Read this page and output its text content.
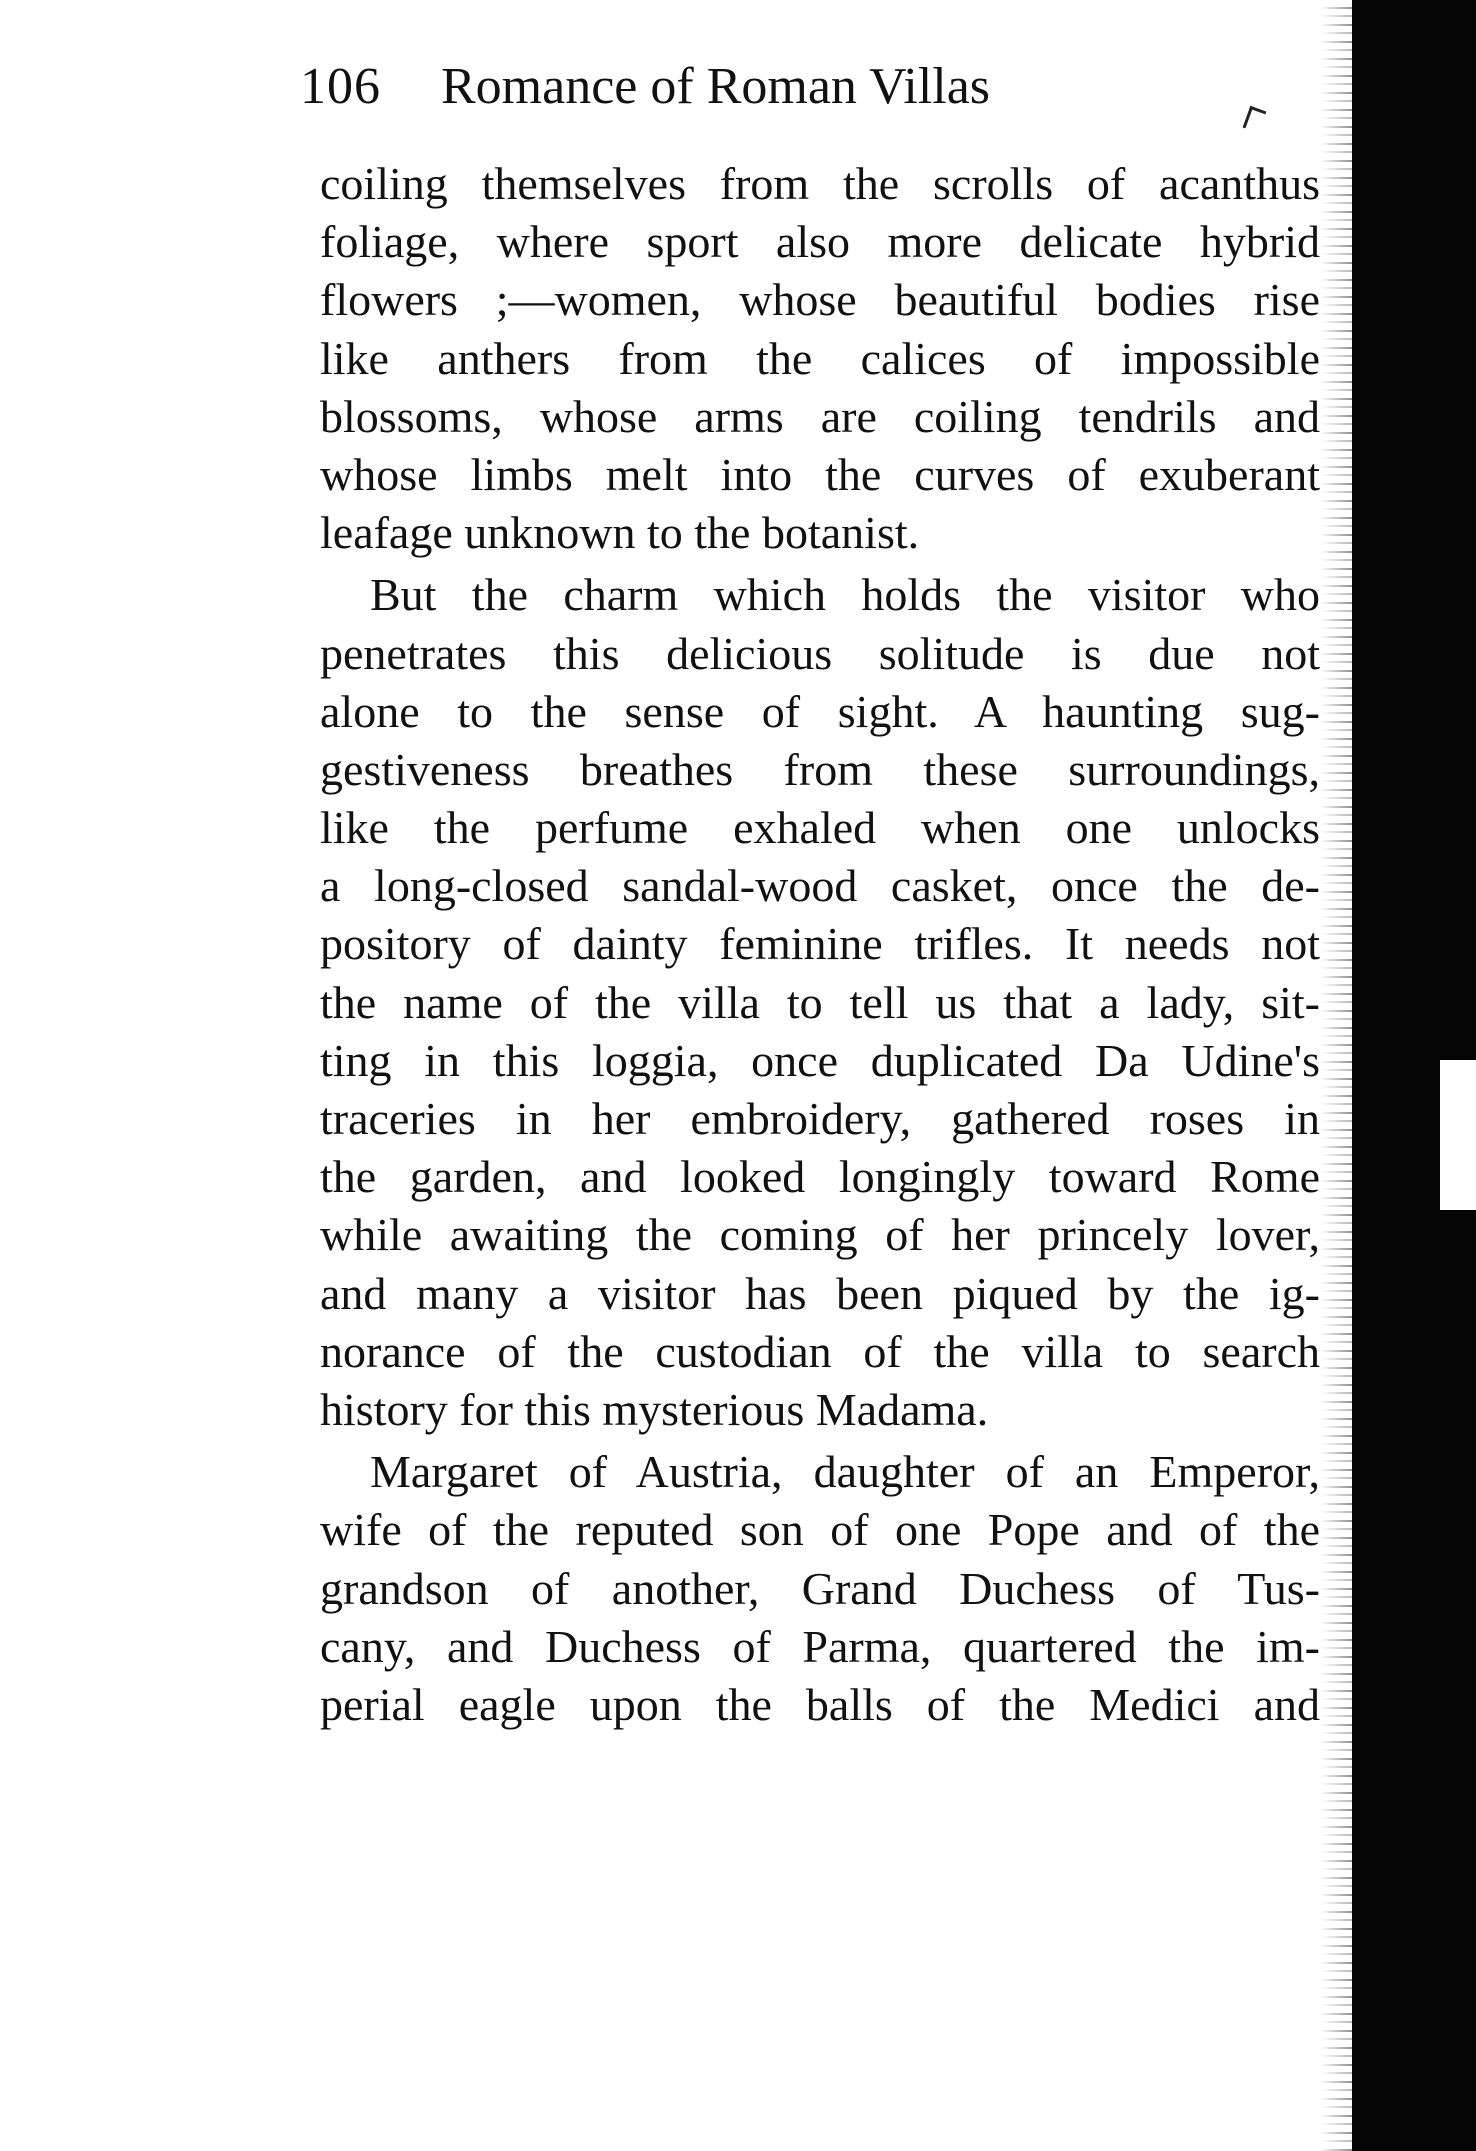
106 Romance of Roman Villas
coiling themselves from the scrolls of acanthus
foliage, where sport also more delicate hybrid
flowers ;—women, whose beautiful bodies rise
like anthers from the calices of impossible
blossoms, whose arms are coiling tendrils and
whose limbs melt into the curves of exuberant
leafage unknown to the botanist.
But the charm which holds the visitor who
penetrates this delicious solitude is due not
alone to the sense of sight. A haunting sug-
gestiveness breathes from these surroundings,
like the perfume exhaled when one unlocks
a long-closed sandal-wood casket, once the de-
pository of dainty feminine trifles. It needs not
the name of the villa to tell us that a lady, sit-
ting in this loggia, once duplicated Da Udine's
traceries in her embroidery, gathered roses in
the garden, and looked longingly toward Rome
while awaiting the coming of her princely lover,
and many a visitor has been piqued by the ig-
norance of the custodian of the villa to search
history for this mysterious Madama.
Margaret of Austria, daughter of an Emperor,
wife of the reputed son of one Pope and of the
grandson of another, Grand Duchess of Tus-
cany, and Duchess of Parma, quartered the im-
perial eagle upon the balls of the Medici and
